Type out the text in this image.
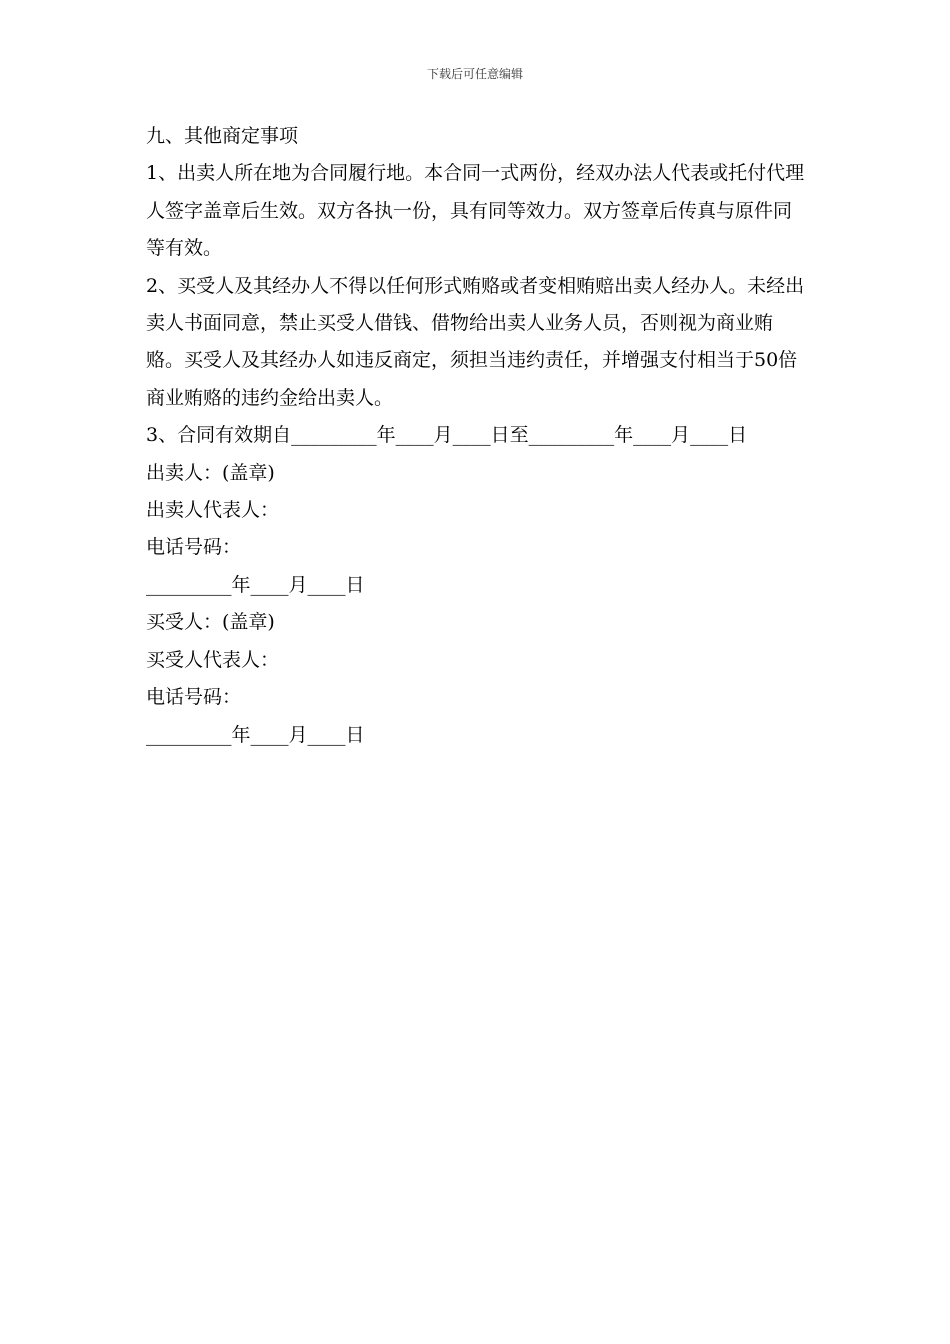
下载后可任意编辑

九、其他商定事项

1、出卖人所在地为合同履行地。本合同一式两份，经双办法人代表或托付代理人签字盖章后生效。双方各执一份，具有同等效力。双方签章后传真与原件同等有效。

2、买受人及其经办人不得以任何形式贿赂或者变相贿赔出卖人经办人。未经出卖人书面同意，禁止买受人借钱、借物给出卖人业务人员，否则视为商业贿赂。买受人及其经办人如违反商定，须担当违约责任，并增强支付相当于50倍商业贿赂的违约金给出卖人。

3、合同有效期自_________年____月____日至_________年____月____日

出卖人：(盖章)

出卖人代表人：

电话号码：

_________年____月____日

买受人：(盖章)

买受人代表人：

电话号码：

_________年____月____日
